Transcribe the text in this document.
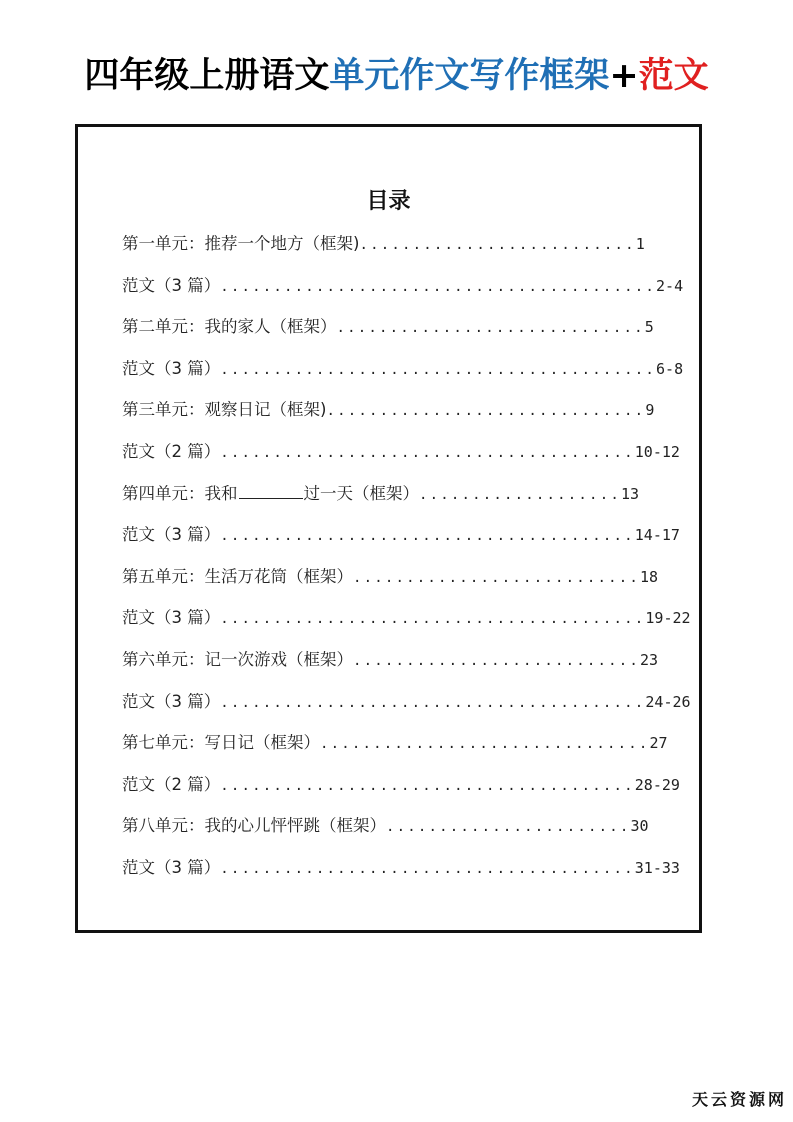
四年级上册语文单元作文写作框架+范文
目录
第一单元：推荐一个地方（框架)..........................1
范文（3 篇）.........................................2-4
第二单元：我的家人（框架）.............................5
范文（3 篇）.........................................6-8
第三单元：观察日记（框架)..............................9
范文（2 篇）.......................................10-12
第四单元：我和	过一天（框架）...................13
范文（3 篇）.......................................14-17
第五单元：生活万花筒（框架）...........................18
范文（3 篇）........................................19-22
第六单元：记一次游戏（框架）...........................23
范文（3 篇）........................................24-26
第七单元：写日记（框架）...............................27
范文（2 篇）.......................................28-29
第八单元：我的心儿怦怦跳（框架）.......................30
范文（3 篇）.......................................31-33
天云资源网
